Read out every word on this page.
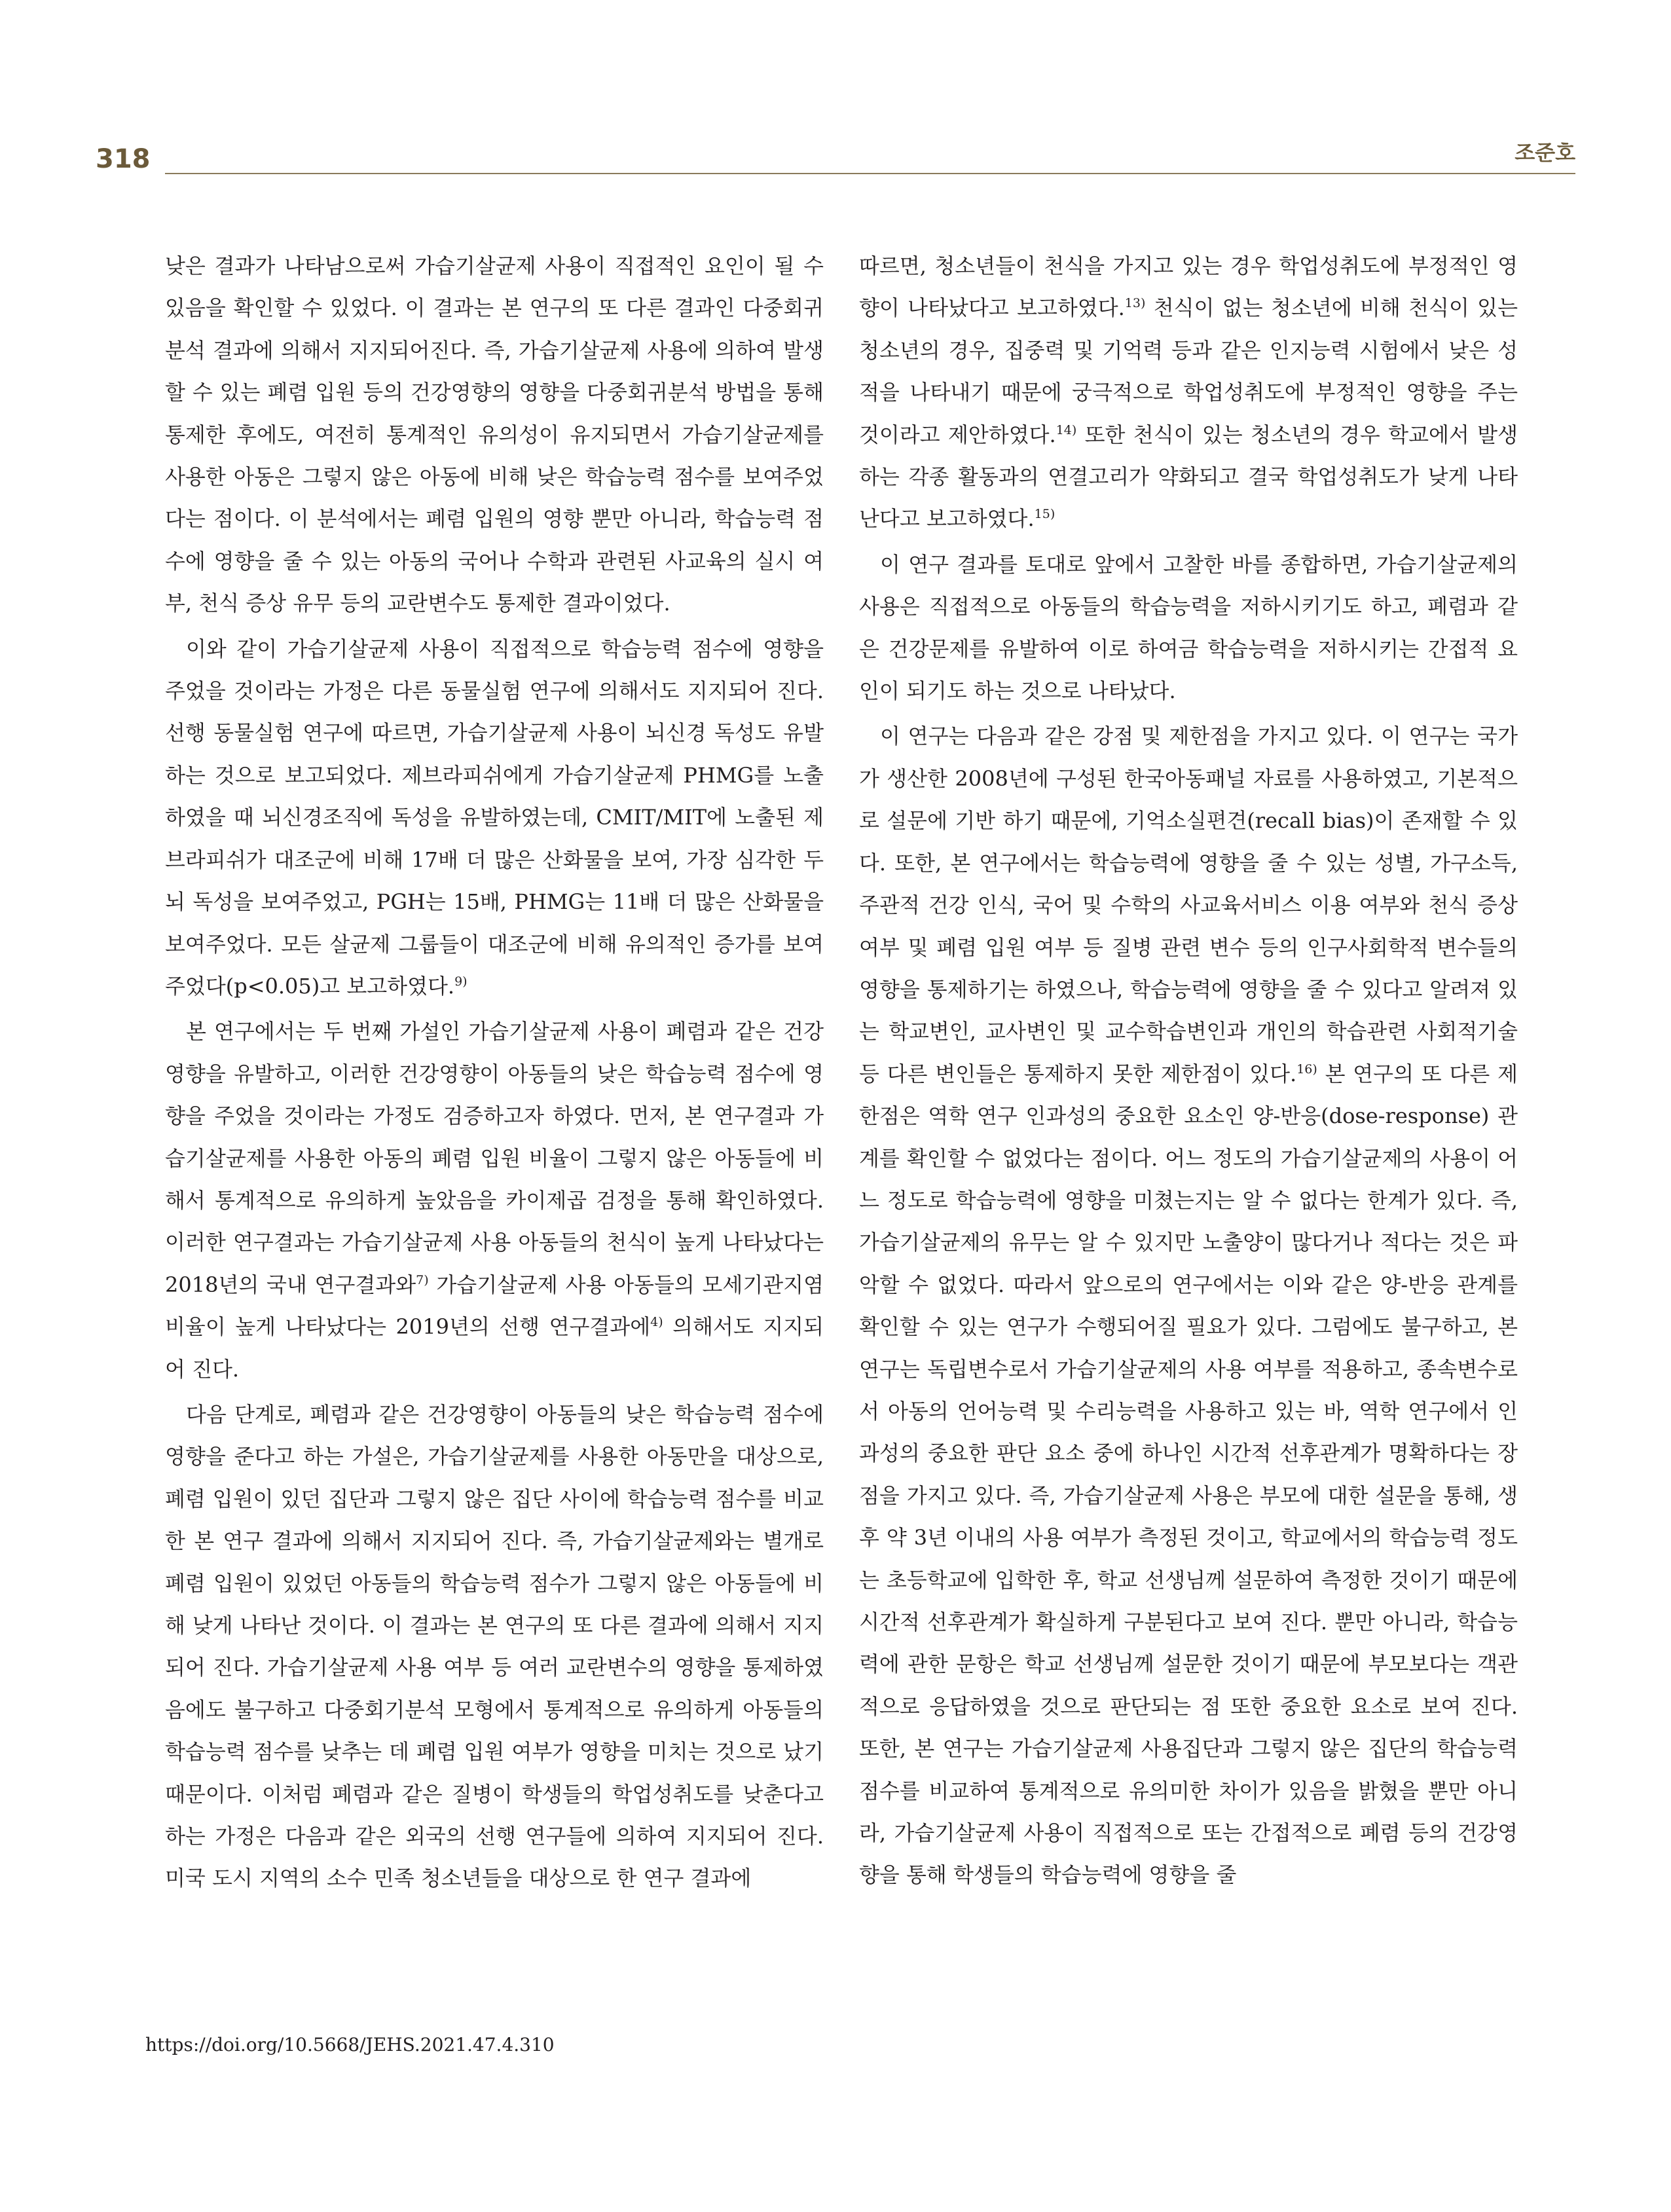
318	조준호

낮은 결과가 나타남으로써 가습기살균제 사용이 직접적인 요인이 될 수 있음을 확인할 수 있었다. 이 결과는 본 연구의 또 다른 결과인 다중회귀분석 결과에 의해서 지지되어진다. 즉, 가습기살균제 사용에 의하여 발생할 수 있는 폐렴 입원 등의 건강영향의 영향을 다중회귀분석 방법을 통해 통제한 후에도, 여전히 통계적인 유의성이 유지되면서 가습기살균제를 사용한 아동은 그렇지 않은 아동에 비해 낮은 학습능력 점수를 보여주었다는 점이다. 이 분석에서는 폐렴 입원의 영향 뿐만 아니라, 학습능력 점수에 영향을 줄 수 있는 아동의 국어나 수학과 관련된 사교육의 실시 여부, 천식 증상 유무 등의 교란변수도 통제한 결과이었다.

이와 같이 가습기살균제 사용이 직접적으로 학습능력 점수에 영향을 주었을 것이라는 가정은 다른 동물실험 연구에 의해서도 지지되어 진다. 선행 동물실험 연구에 따르면, 가습기살균제 사용이 뇌신경 독성도 유발하는 것으로 보고되었다. 제브라피쉬에게 가습기살균제 PHMG를 노출하였을 때 뇌신경조직에 독성을 유발하였는데, CMIT/MIT에 노출된 제브라피쉬가 대조군에 비해 17배 더 많은 산화물을 보여, 가장 심각한 두뇌 독성을 보여주었고, PGH는 15배, PHMG는 11배 더 많은 산화물을 보여주었다. 모든 살균제 그룹들이 대조군에 비해 유의적인 증가를 보여주었다(p<0.05)고 보고하였다.$^{9)}$

본 연구에서는 두 번째 가설인 가습기살균제 사용이 폐렴과 같은 건강영향을 유발하고, 이러한 건강영향이 아동들의 낮은 학습능력 점수에 영향을 주었을 것이라는 가정도 검증하고자 하였다. 먼저, 본 연구결과 가습기살균제를 사용한 아동의 폐렴 입원 비율이 그렇지 않은 아동들에 비해서 통계적으로 유의하게 높았음을 카이제곱 검정을 통해 확인하였다. 이러한 연구결과는 가습기살균제 사용 아동들의 천식이 높게 나타났다는 2018년의 국내 연구결과와$^{7)}$ 가습기살균제 사용 아동들의 모세기관지염 비율이 높게 나타났다는 2019년의 선행 연구결과에$^{4)}$ 의해서도 지지되어 진다.

다음 단계로, 폐렴과 같은 건강영향이 아동들의 낮은 학습능력 점수에 영향을 준다고 하는 가설은, 가습기살균제를 사용한 아동만을 대상으로, 폐렴 입원이 있던 집단과 그렇지 않은 집단 사이에 학습능력 점수를 비교한 본 연구 결과에 의해서 지지되어 진다. 즉, 가습기살균제와는 별개로 폐렴 입원이 있었던 아동들의 학습능력 점수가 그렇지 않은 아동들에 비해 낮게 나타난 것이다. 이 결과는 본 연구의 또 다른 결과에 의해서 지지되어 진다. 가습기살균제 사용 여부 등 여러 교란변수의 영향을 통제하였음에도 불구하고 다중회기분석 모형에서 통계적으로 유의하게 아동들의 학습능력 점수를 낮추는 데 폐렴 입원 여부가 영향을 미치는 것으로 났기 때문이다. 이처럼 폐렴과 같은 질병이 학생들의 학업성취도를 낮춘다고 하는 가정은 다음과 같은 외국의 선행 연구들에 의하여 지지되어 진다. 미국 도시 지역의 소수 민족 청소년들을 대상으로 한 연구 결과에

따르면, 청소년들이 천식을 가지고 있는 경우 학업성취도에 부정적인 영향이 나타났다고 보고하였다.$^{13)}$ 천식이 없는 청소년에 비해 천식이 있는 청소년의 경우, 집중력 및 기억력 등과 같은 인지능력 시험에서 낮은 성적을 나타내기 때문에 궁극적으로 학업성취도에 부정적인 영향을 주는 것이라고 제안하였다.$^{14)}$ 또한 천식이 있는 청소년의 경우 학교에서 발생하는 각종 활동과의 연결고리가 약화되고 결국 학업성취도가 낮게 나타난다고 보고하였다.$^{15)}$

이 연구 결과를 토대로 앞에서 고찰한 바를 종합하면, 가습기살균제의 사용은 직접적으로 아동들의 학습능력을 저하시키기도 하고, 폐렴과 같은 건강문제를 유발하여 이로 하여금 학습능력을 저하시키는 간접적 요인이 되기도 하는 것으로 나타났다.

이 연구는 다음과 같은 강점 및 제한점을 가지고 있다. 이 연구는 국가가 생산한 2008년에 구성된 한국아동패널 자료를 사용하였고, 기본적으로 설문에 기반 하기 때문에, 기억소실편견(recall bias)이 존재할 수 있다. 또한, 본 연구에서는 학습능력에 영향을 줄 수 있는 성별, 가구소득, 주관적 건강 인식, 국어 및 수학의 사교육서비스 이용 여부와 천식 증상 여부 및 폐렴 입원 여부 등 질병 관련 변수 등의 인구사회학적 변수들의 영향을 통제하기는 하였으나, 학습능력에 영향을 줄 수 있다고 알려져 있는 학교변인, 교사변인 및 교수학습변인과 개인의 학습관련 사회적기술 등 다른 변인들은 통제하지 못한 제한점이 있다.$^{16)}$ 본 연구의 또 다른 제한점은 역학 연구 인과성의 중요한 요소인 양-반응(dose-response) 관계를 확인할 수 없었다는 점이다. 어느 정도의 가습기살균제의 사용이 어느 정도로 학습능력에 영향을 미쳤는지는 알 수 없다는 한계가 있다. 즉, 가습기살균제의 유무는 알 수 있지만 노출양이 많다거나 적다는 것은 파악할 수 없었다. 따라서 앞으로의 연구에서는 이와 같은 양-반응 관계를 확인할 수 있는 연구가 수행되어질 필요가 있다. 그럼에도 불구하고, 본 연구는 독립변수로서 가습기살균제의 사용 여부를 적용하고, 종속변수로서 아동의 언어능력 및 수리능력을 사용하고 있는 바, 역학 연구에서 인과성의 중요한 판단 요소 중에 하나인 시간적 선후관계가 명확하다는 장점을 가지고 있다. 즉, 가습기살균제 사용은 부모에 대한 설문을 통해, 생후 약 3년 이내의 사용 여부가 측정된 것이고, 학교에서의 학습능력 정도는 초등학교에 입학한 후, 학교 선생님께 설문하여 측정한 것이기 때문에 시간적 선후관계가 확실하게 구분된다고 보여 진다. 뿐만 아니라, 학습능력에 관한 문항은 학교 선생님께 설문한 것이기 때문에 부모보다는 객관적으로 응답하였을 것으로 판단되는 점 또한 중요한 요소로 보여 진다. 또한, 본 연구는 가습기살균제 사용집단과 그렇지 않은 집단의 학습능력 점수를 비교하여 통계적으로 유의미한 차이가 있음을 밝혔을 뿐만 아니라, 가습기살균제 사용이 직접적으로 또는 간접적으로 폐렴 등의 건강영향을 통해 학생들의 학습능력에 영향을 줄

https://doi.org/10.5668/JEHS.2021.47.4.310
